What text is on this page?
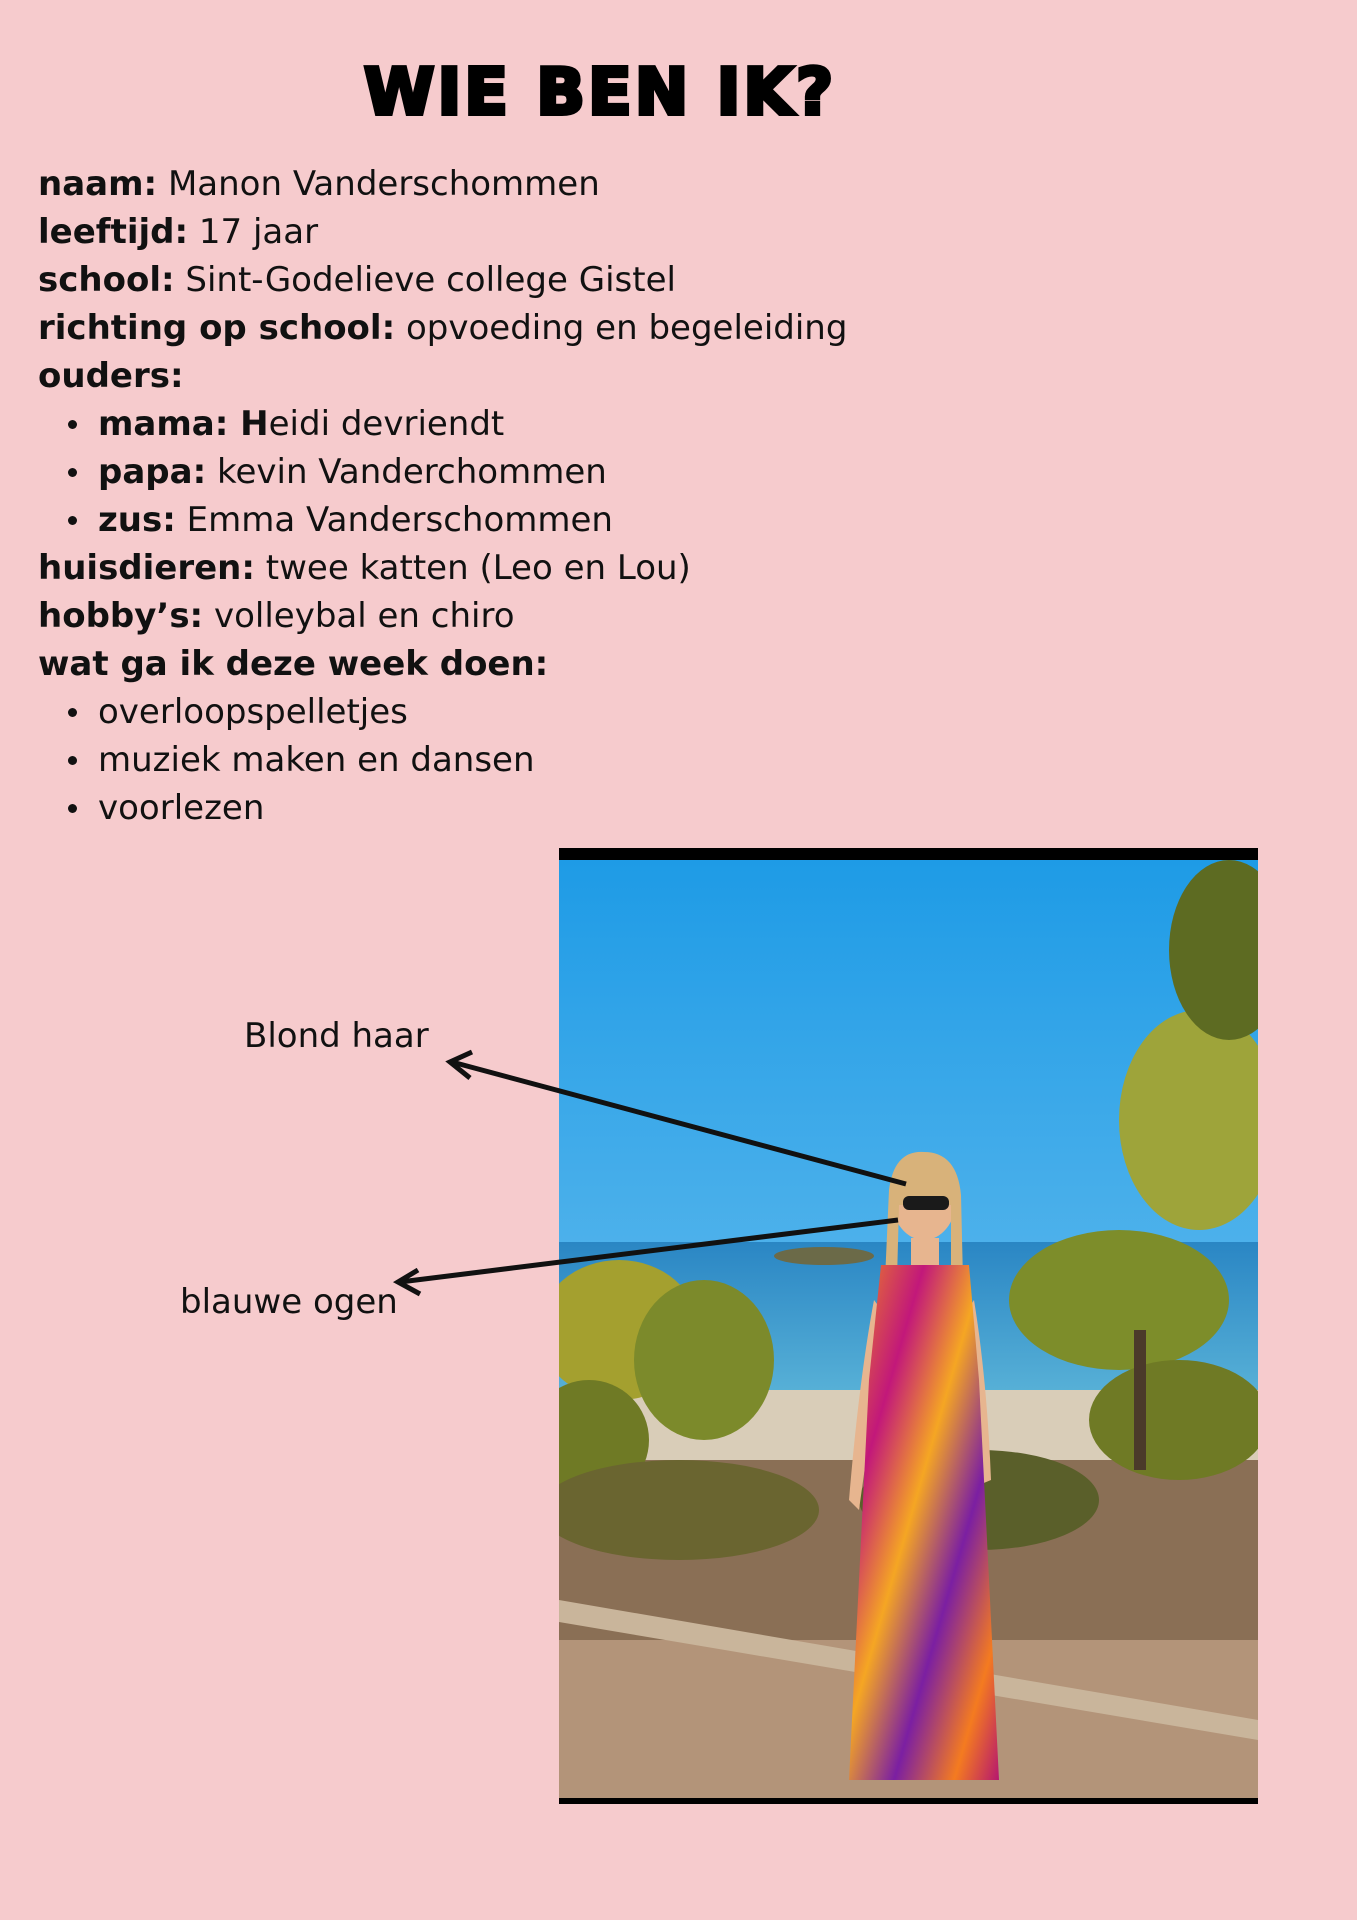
WIE BEN IK?
naam: Manon Vanderschommen
leeftijd: 17 jaar
school: Sint-Godelieve college Gistel
richting op school: opvoeding en begeleiding
ouders:
mama: Heidi devriendt
papa: kevin Vanderchommen
zus: Emma Vanderschommen
huisdieren: twee katten (Leo en Lou)
hobby’s: volleybal en chiro
wat ga ik deze week doen:
overloopspelletjes
muziek maken en dansen
voorlezen
Blond haar
blauwe ogen
